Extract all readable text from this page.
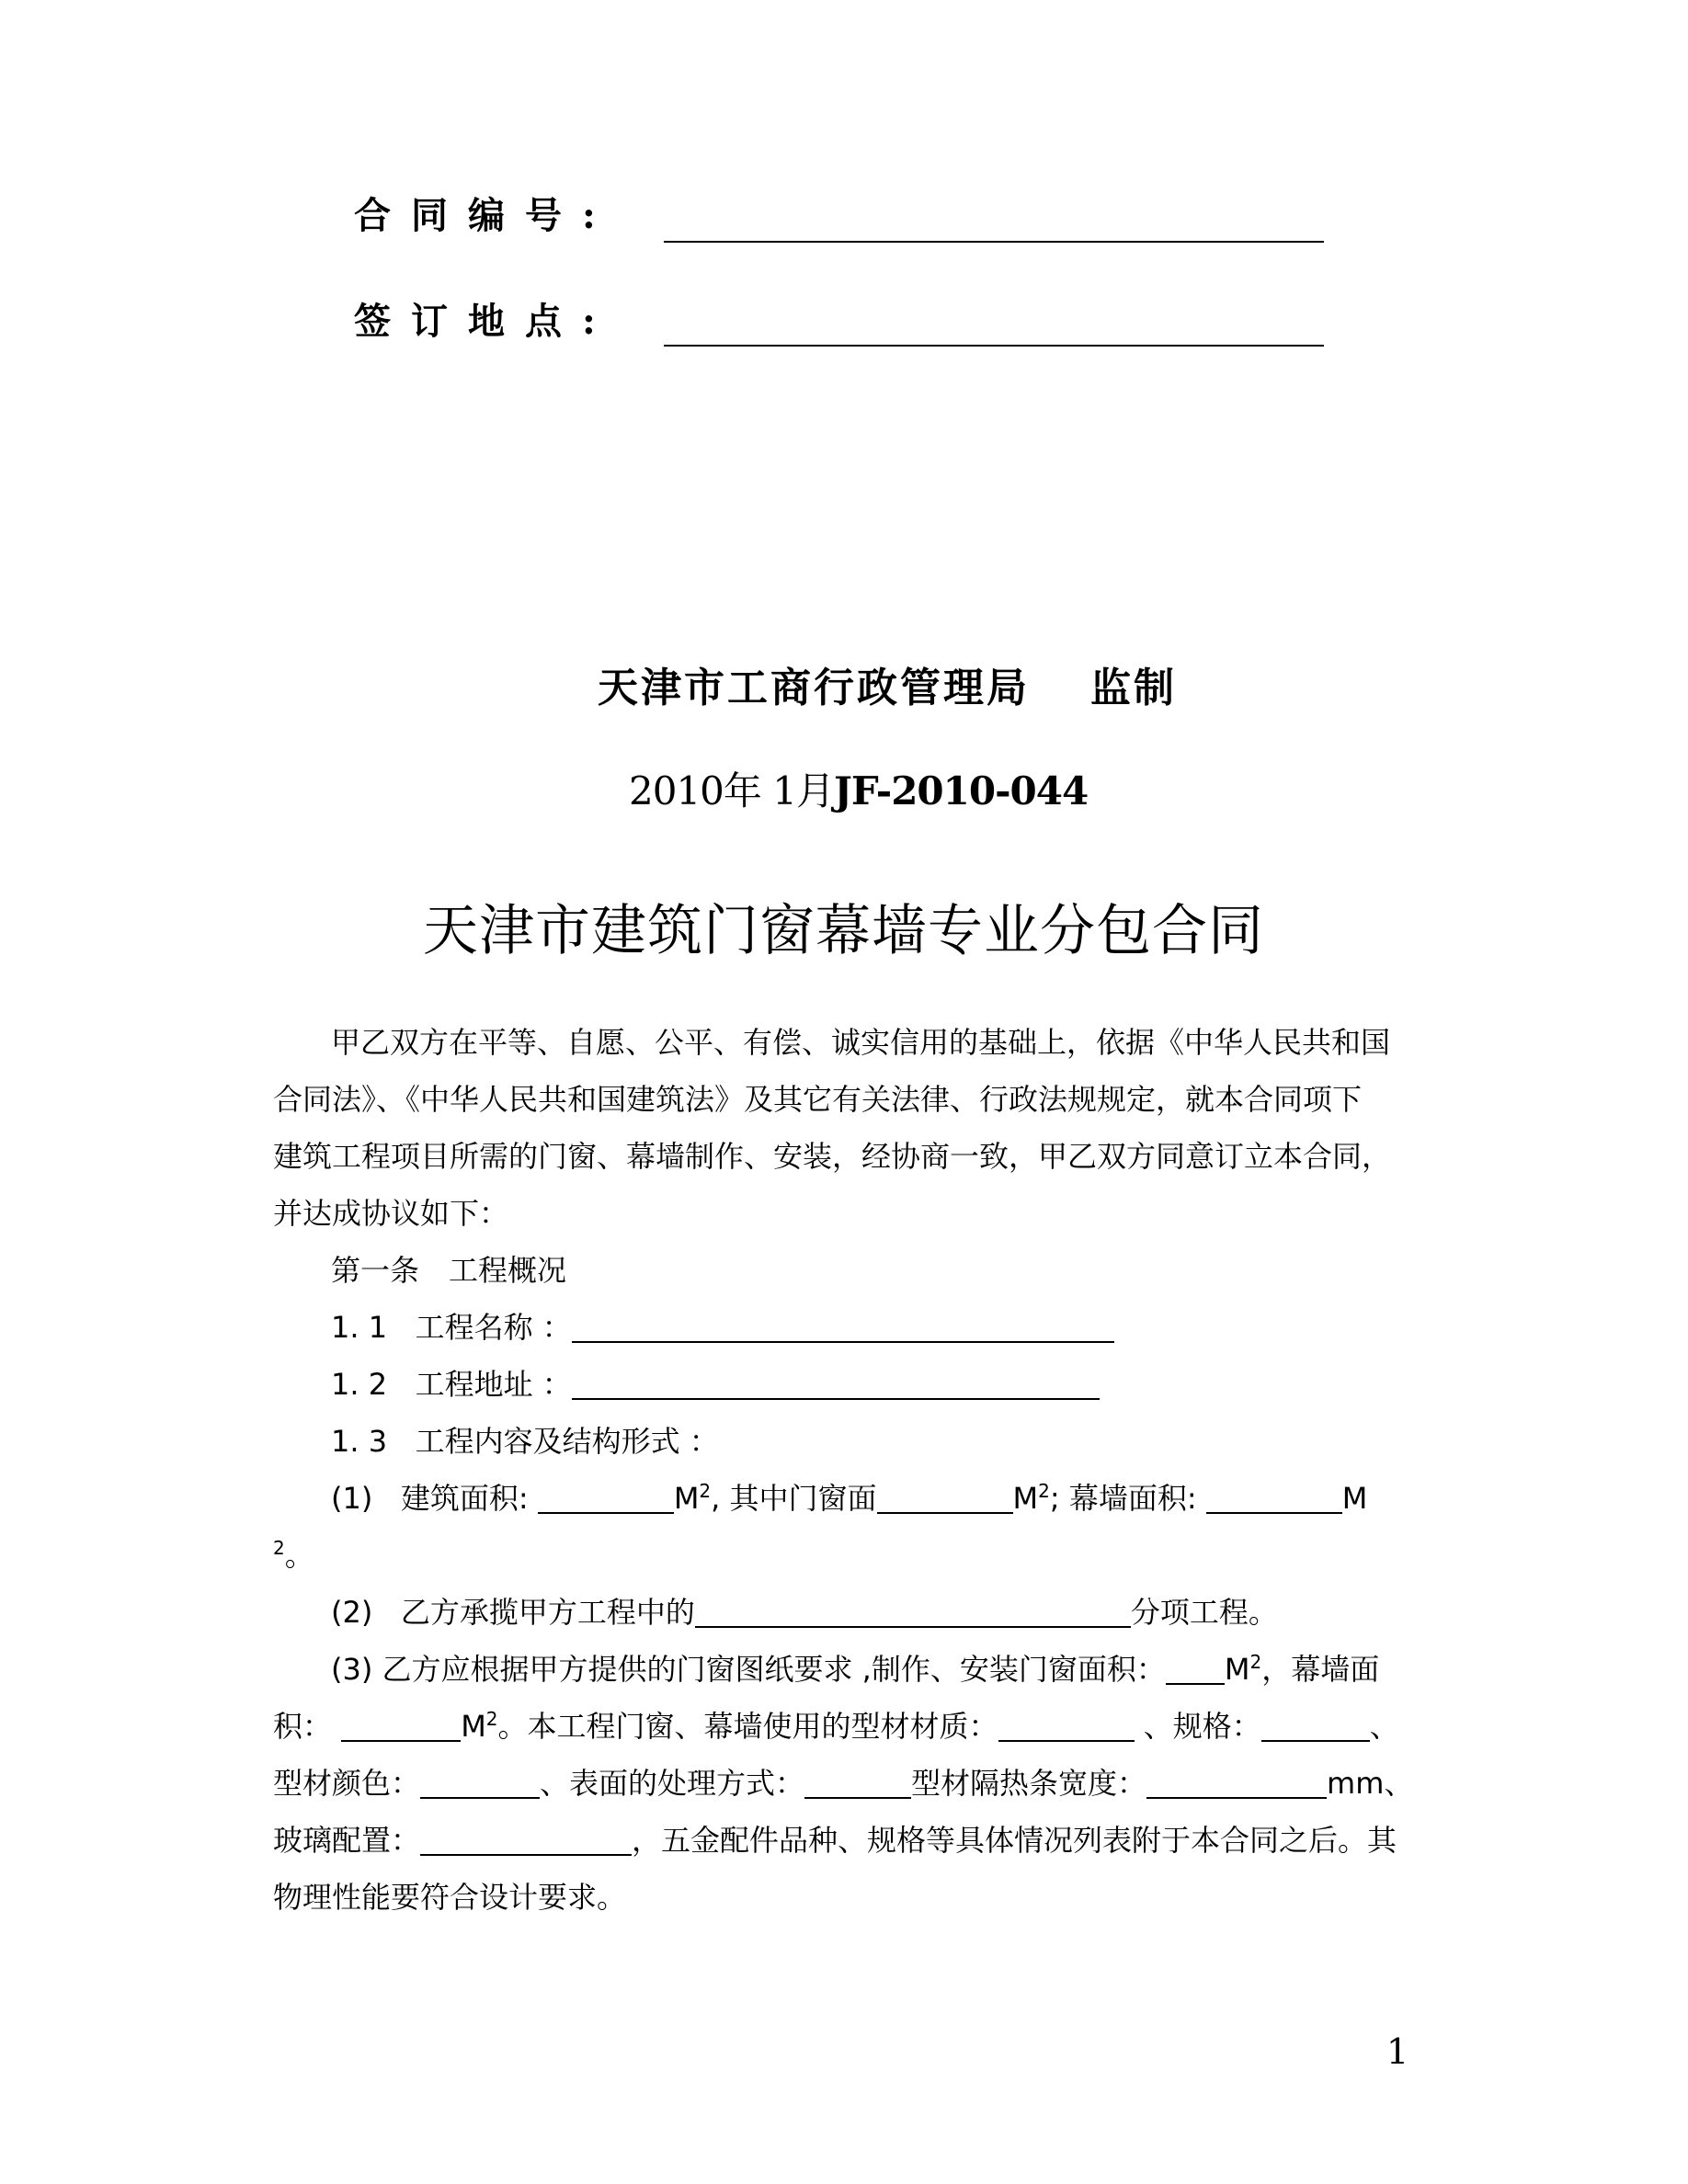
合同编号:
签订地点:
天津市工商行政管理局 监制
2010年 1月JF-2010-044
天津市建筑门窗幕墙专业分包合同
甲乙双方在平等、自愿、公平、有偿、诚实信用的基础上，依据《中华人民共和国
合同法》、《中华人民共和国建筑法》及其它有关法律、行政法规规定，就本合同项下
建筑工程项目所需的门窗、幕墙制作、安装，经协商一致，甲乙双方同意订立本合同，
并达成协议如下：
第一条　工程概况
1. 1 工程名称 ：
1. 2 工程地址 ：
1. 3 工程内容及结构形式 ：
(1) 建筑面积:	$M^2$, 其中门窗面	$M^2$; 幕墙面积:	M
$^2$。
(2) 乙方承揽甲方工程中的	分项工程。
(3) 乙方应根据甲方提供的门窗图纸要求 ,制作、安装门窗面积： $M^2$，幕墙面
积：	$M^2$。本工程门窗、幕墙使用的型材材质：	、规格：	、
型材颜色：	、表面的处理方式：	型材隔热条宽度：	mm、
玻璃配置：	，五金配件品种、规格等具体情况列表附于本合同之后。其
物理性能要符合设计要求。
1
